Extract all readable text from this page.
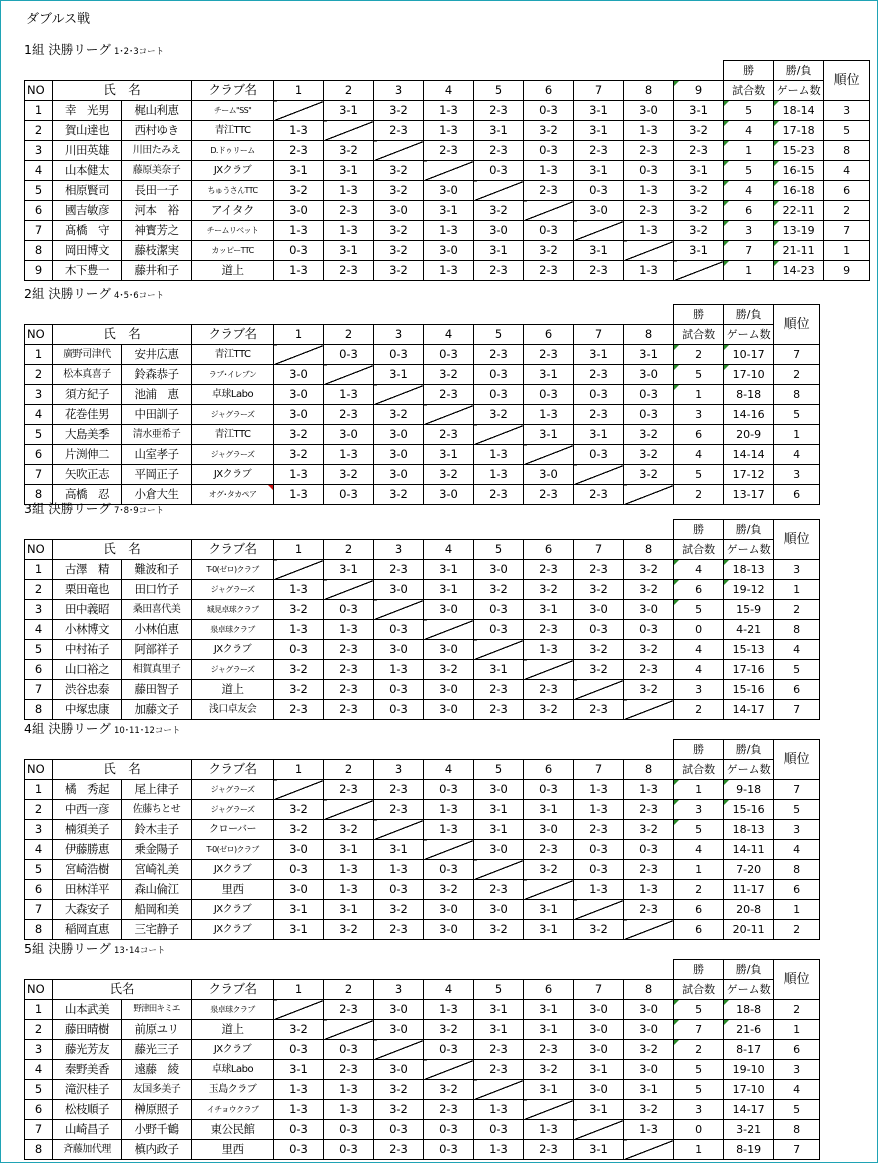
ダブルス戦
1組 決勝リーグ 1･2･3コート
													勝	勝/負	順位
NO	氏　名		クラブ名	1	2	3	4	5	6	7	8	9	試合数	ゲーム数	
1	幸　光男	梶山利恵	チーム"SS"		3-1	3-2	1-3	2-3	0-3	3-1	3-0	3-1	5	18-14	3
2	賀山達也	西村ゆき	青江TTC	1-3		2-3	1-3	3-1	3-2	3-1	1-3	3-2	4	17-18	5
3	川田英雄	川田たみえ	D.ドゥリーム	2-3	3-2		2-3	2-3	0-3	2-3	2-3	2-3	1	15-23	8
4	山本健太	藤原美奈子	JXクラブ	3-1	3-1	3-2		0-3	1-3	3-1	0-3	3-1	5	16-15	4
5	相原賢司	長田一子	ちゅうさんTTC	3-2	1-3	3-2	3-0		2-3	0-3	1-3	3-2	4	16-18	6
6	國吉敏彦	河本　裕	アイタク	3-0	2-3	3-0	3-1	3-2		3-0	2-3	3-2	6	22-11	2
7	髙橋　守	神寳芳之	チームリベット	1-3	1-3	3-2	1-3	3-0	0-3		1-3	3-2	3	13-19	7
8	岡田博文	藤枝潔実	カッピーTTC	0-3	3-1	3-2	3-0	3-1	3-2	3-1		3-1	7	21-11	1
9	木下豊一	藤井和子	道上	1-3	2-3	3-2	1-3	2-3	2-3	2-3	1-3		1	14-23	9
2組 決勝リーグ 4･5･6コート
												勝	勝/負	順位
NO	氏　名		クラブ名	1	2	3	4	5	6	7	8	試合数	ゲーム数	
1	廣野司津代	安井広恵	青江TTC		0-3	0-3	0-3	2-3	2-3	3-1	3-1	2	10-17	7
2	松本真喜子	鈴森恭子	ラブ･イレブン	3-0		3-1	3-2	0-3	3-1	2-3	3-0	5	17-10	2
3	須方紀子	池浦　恵	卓球Labo	3-0	1-3		2-3	0-3	0-3	0-3	0-3	1	8-18	8
4	花巻佳男	中田訓子	ジャグラーズ	3-0	2-3	3-2		3-2	1-3	2-3	0-3	3	14-16	5
5	大島美季	清水亜希子	青江TTC	3-2	3-0	3-0	2-3		3-1	3-1	3-2	6	20-9	1
6	片渕伸二	山室孝子	ジャグラーズ	3-2	1-3	3-0	3-1	1-3		0-3	3-2	4	14-14	4
7	矢吹正志	平岡正子	JXクラブ	1-3	3-2	3-0	3-2	1-3	3-0		3-2	5	17-12	3
8	高橋　忍	小倉大生	オグ･タカペア	1-3	0-3	3-2	3-0	2-3	2-3	2-3		2	13-17	6
3組 決勝リーグ 7･8･9コート
												勝	勝/負	順位
NO	氏　名		クラブ名	1	2	3	4	5	6	7	8	試合数	ゲーム数	
1	古澤　精	難波和子	T-0(ゼロ)クラブ		3-1	2-3	3-1	3-0	2-3	2-3	3-2	4	18-13	3
2	栗田竜也	田口竹子	ジャグラーズ	1-3		3-0	3-1	3-2	3-2	3-2	3-2	6	19-12	1
3	田中義昭	桑田喜代美	城見卓球クラブ	3-2	0-3		3-0	0-3	3-1	3-0	3-0	5	15-9	2
4	小林博文	小林伯恵	泉卓球クラブ	1-3	1-3	0-3		0-3	2-3	0-3	0-3	0	4-21	8
5	中村祐子	阿部祥子	JXクラブ	0-3	2-3	3-0	3-0		1-3	3-2	3-2	4	15-13	4
6	山口裕之	相賀真里子	ジャグラーズ	3-2	2-3	1-3	3-2	3-1		3-2	2-3	4	17-16	5
7	渋谷忠泰	藤田智子	道上	3-2	2-3	0-3	3-0	2-3	2-3		3-2	3	15-16	6
8	中塚忠康	加藤文子	浅口卓友会	2-3	2-3	0-3	3-0	2-3	3-2	2-3		2	14-17	7
4組 決勝リーグ 10･11･12コート
												勝	勝/負	順位
NO	氏　名		クラブ名	1	2	3	4	5	6	7	8	試合数	ゲーム数	
1	橘　秀起	尾上律子	ジャグラーズ		2-3	2-3	0-3	3-0	0-3	1-3	1-3	1	9-18	7
2	中西一彦	佐藤ちとせ	ジャグラーズ	3-2		2-3	1-3	3-1	3-1	1-3	2-3	3	15-16	5
3	楠須美子	鈴木圭子	クローバー	3-2	3-2		1-3	3-1	3-0	2-3	3-2	5	18-13	3
4	伊藤勝恵	乗金陽子	T-0(ゼロ)クラブ	3-0	3-1	3-1		3-0	2-3	0-3	0-3	4	14-11	4
5	宮崎浩樹	宮崎礼美	JXクラブ	0-3	1-3	1-3	0-3		3-2	0-3	2-3	1	7-20	8
6	田林洋平	森山倫江	里西	3-0	1-3	0-3	3-2	2-3		1-3	1-3	2	11-17	6
7	大森安子	船岡和美	JXクラブ	3-1	3-1	3-2	3-0	3-0	3-1		2-3	6	20-8	1
8	稲岡直恵	三宅静子	JXクラブ	3-1	3-2	2-3	3-0	3-2	3-1	3-2		6	20-11	2
5組 決勝リーグ 13･14コート
												勝	勝/負	順位
NO	氏名		クラブ名	1	2	3	4	5	6	7	8	試合数	ゲーム数	
1	山本武美	野津田キミエ	泉卓球クラブ		2-3	3-0	1-3	3-1	3-1	3-0	3-0	5	18-8	2
2	藤田晴樹	前原ユリ	道上	3-2		3-0	3-2	3-1	3-1	3-0	3-0	7	21-6	1
3	藤光芳友	藤光三子	JXクラブ	0-3	0-3		0-3	2-3	2-3	3-0	3-2	2	8-17	6
4	秦野美香	遠藤　綾	卓球Labo	3-1	2-3	3-0		2-3	3-2	3-1	3-0	5	19-10	3
5	滝沢桂子	友国多美子	玉島クラブ	1-3	1-3	3-2	3-2		3-1	3-0	3-1	5	17-10	4
6	松枝順子	榊原照子	イチョウクラブ	1-3	1-3	3-2	2-3	1-3		3-1	3-2	3	14-17	5
7	山崎昌子	小野千鶴	東公民館	0-3	0-3	0-3	0-3	0-3	1-3		1-3	0	3-21	8
8	斉藤加代理	槙内政子	里西	0-3	0-3	2-3	0-3	1-3	2-3	3-1		1	8-19	7
